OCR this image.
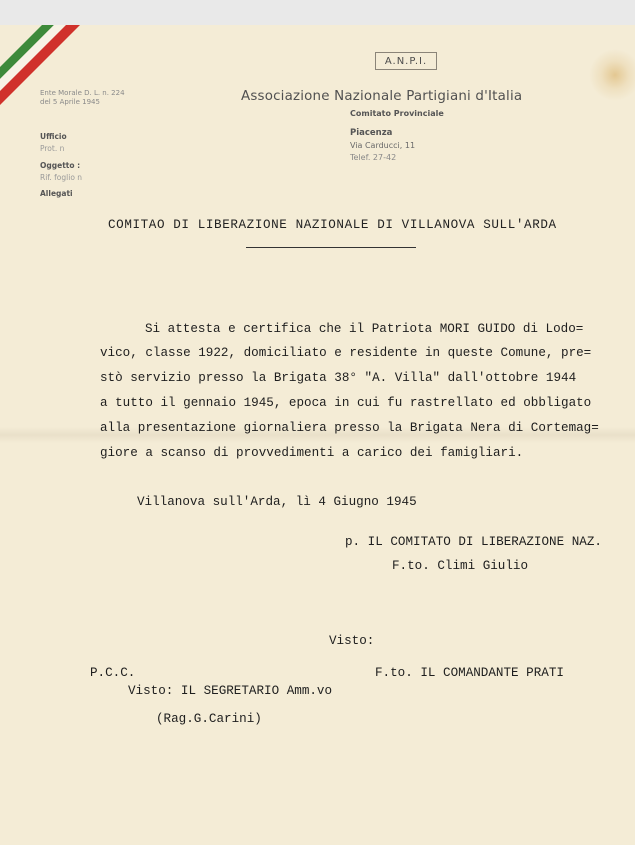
A.N.P.I.
Associazione Nazionale Partigiani d'Italia
Comitato Provinciale
Piacenza
Via Carducci, 11
Telef. 27-42
Ente Morale D. L. n. 224
del 5 Aprile 1945
Ufficio
Prot. n
Oggetto :
Rif. foglio n
Allegati
COMITAO DI LIBERAZIONE NAZIONALE DI VILLANOVA SULL'ARDA
Si attesta e certifica che il Patriota MORI GUIDO di Lodo=
vico, classe 1922, domiciliato e residente in queste Comune, pre=
stò servizio presso la Brigata 38° "A. Villa" dall'ottobre 1944
a tutto il gennaio 1945, epoca in cui fu rastrellato ed obbligato
alla presentazione giornaliera presso la Brigata Nera di Cortemag=
giore a scanso di provvedimenti a carico dei famigliari.
Villanova sull'Arda, lì 4 Giugno 1945
p. IL COMITATO DI LIBERAZIONE NAZ.
F.to. Climi Giulio
Visto:
P.C.C.	F.to. IL COMANDANTE PRATI
Visto: IL SEGRETARIO Amm.vo
(Rag.G.Carini)
